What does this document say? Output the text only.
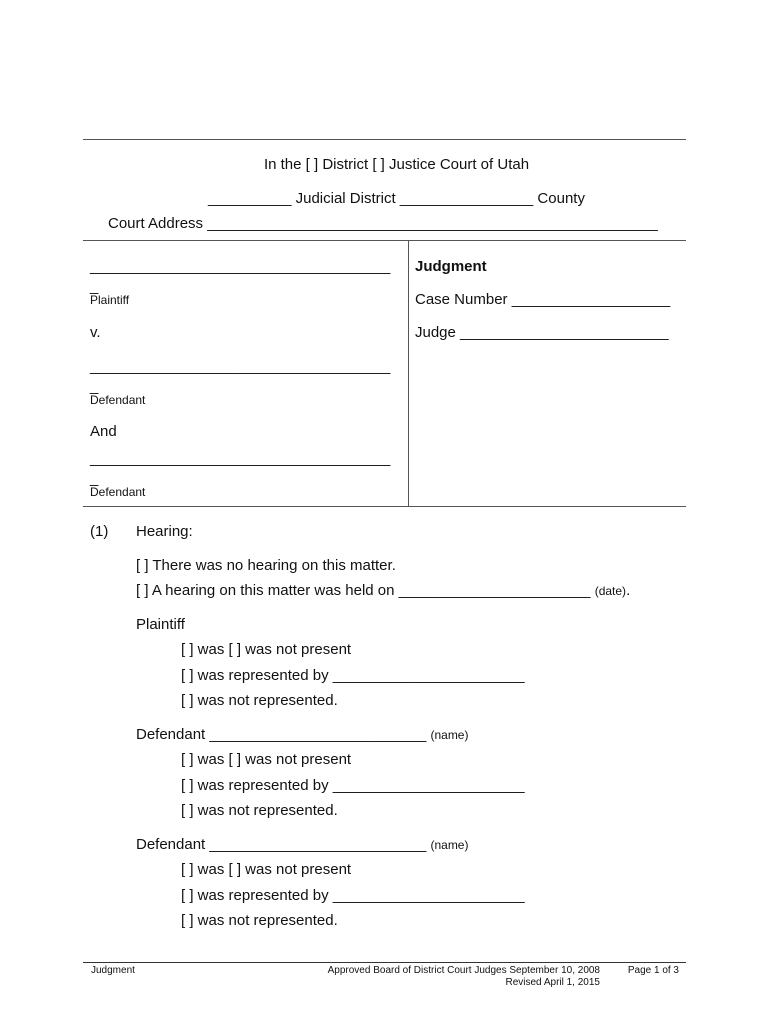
In the [ ] District [ ] Justice Court of Utah
__________ Judicial District ________________ County
Court Address ______________________________________________________
____________________________________
_
Plaintiff
v.
____________________________________
_
Defendant
And
____________________________________
_
Defendant
Judgment
Case Number ___________________
Judge _________________________
(1) Hearing:
[ ] There was no hearing on this matter.
[ ] A hearing on this matter was held on _______________________ (date).
Plaintiff
[ ] was [ ] was not present
[ ] was represented by _______________________
[ ] was not represented.
Defendant __________________________ (name)
[ ] was [ ] was not present
[ ] was represented by _______________________
[ ] was not represented.
Defendant __________________________ (name)
[ ] was [ ] was not present
[ ] was represented by _______________________
[ ] was not represented.
Judgment	Approved Board of District Court Judges September 10, 2008
Revised April 1, 2015
Page 1 of 3
